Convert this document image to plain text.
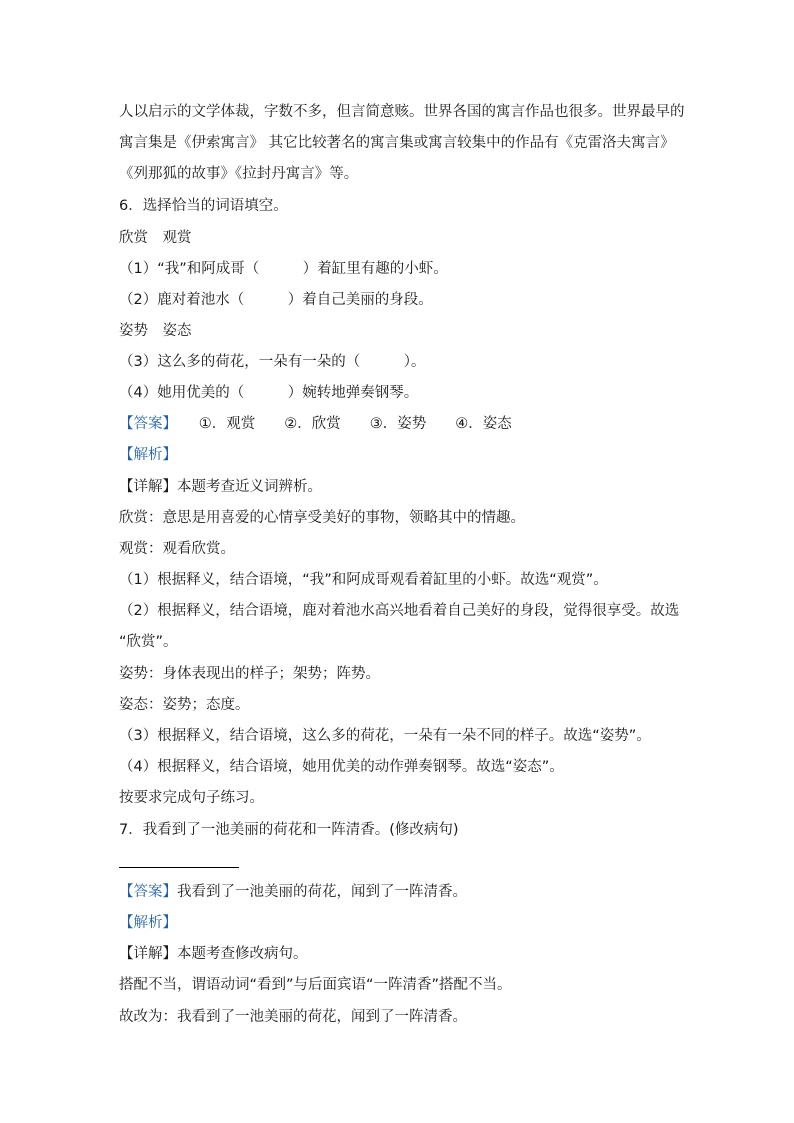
人以启示的文学体裁，字数不多，但言简意赅。世界各国的寓言作品也很多。世界最早的
寓言集是《伊索寓言》 其它比较著名的寓言集或寓言较集中的作品有《克雷洛夫寓言》
《列那狐的故事》《拉封丹寓言》等。
6．选择恰当的词语填空。
欣赏　观赏
（1）“我”和阿成哥（　　　）着缸里有趣的小虾。
（2）鹿对着池水（　　　）着自己美丽的身段。
姿势　姿态
（3）这么多的荷花，一朵有一朵的（　　　）。
（4）她用优美的（　　　）婉转地弹奏钢琴。
【答案】　　①．观赏　　②．欣赏　　③．姿势　　④．姿态
【解析】
【详解】本题考查近义词辨析。
欣赏：意思是用喜爱的心情享受美好的事物，领略其中的情趣。
观赏：观看欣赏。
（1）根据释义，结合语境，“我”和阿成哥观看着缸里的小虾。故选“观赏”。
（2）根据释义，结合语境，鹿对着池水高兴地看着自己美好的身段，觉得很享受。故选
“欣赏”。
姿势：身体表现出的样子；架势；阵势。
姿态：姿势；态度。
（3）根据释义，结合语境，这么多的荷花，一朵有一朵不同的样子。故选“姿势”。
（4）根据释义，结合语境，她用优美的动作弹奏钢琴。故选“姿态”。
按要求完成句子练习。
7．我看到了一池美丽的荷花和一阵清香。(修改病句)
【答案】我看到了一池美丽的荷花，闻到了一阵清香。
【解析】
【详解】本题考查修改病句。
搭配不当，谓语动词“看到”与后面宾语“一阵清香”搭配不当。
故改为：我看到了一池美丽的荷花，闻到了一阵清香。
